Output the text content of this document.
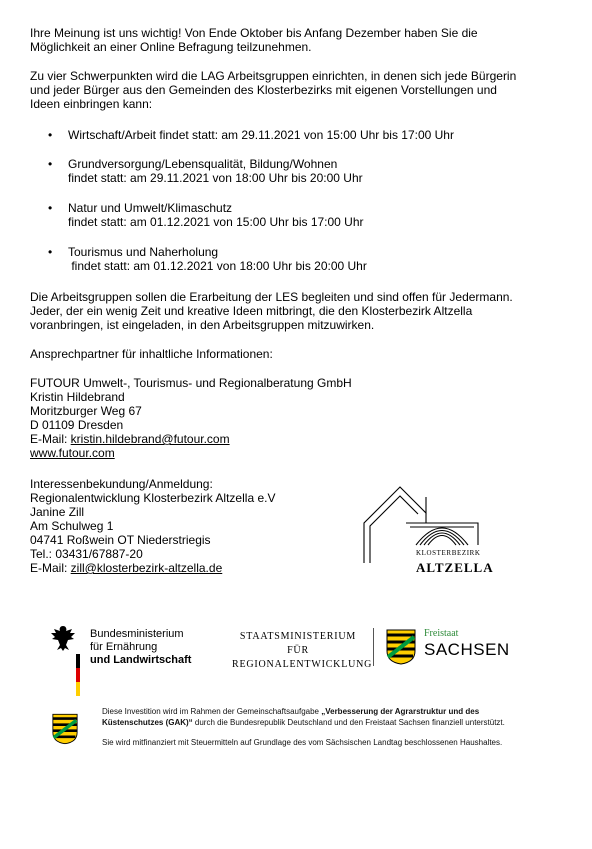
Ihre Meinung ist uns wichtig! Von Ende Oktober bis Anfang Dezember haben Sie die

Möglichkeit an einer Online Befragung teilzunehmen.

Zu vier Schwerpunkten wird die LAG Arbeitsgruppen einrichten, in denen sich jede Bürgerin

und jeder Bürger aus den Gemeinden des Klosterbezirks mit eigenen Vorstellungen und

Ideen einbringen kann:

• Wirtschaft/Arbeit findet statt: am 29.11.2021 von 15:00 Uhr bis 17:00 Uhr
• Grundversorgung/Lebensqualität, Bildung/Wohnen
findet statt: am 29.11.2021 von 18:00 Uhr bis 20:00 Uhr
• Natur und Umwelt/Klimaschutz
findet statt: am 01.12.2021 von 15:00 Uhr bis 17:00 Uhr
• Tourismus und Naherholung
findet statt: am 01.12.2021 von 18:00 Uhr bis 20:00 Uhr

Die Arbeitsgruppen sollen die Erarbeitung der LES begleiten und sind offen für Jedermann.

Jeder, der ein wenig Zeit und kreative Ideen mitbringt, die den Klosterbezirk Altzella

voranbringen, ist eingeladen, in den Arbeitsgruppen mitzuwirken.

Ansprechpartner für inhaltliche Informationen:

FUTOUR Umwelt-, Tourismus- und Regionalberatung GmbH

Kristin Hildebrand

Moritzburger Weg 67

D 01109 Dresden

E-Mail: kristin.hildebrand@futour.com

www.futour.com

Interessenbekundung/Anmeldung:

Regionalentwicklung Klosterbezirk Altzella e.V

Janine Zill

Am Schulweg 1

04741 Roßwein OT Niederstriegis

Tel.: 03431/67887-20

E-Mail: zill@klosterbezirk-altzella.de

KLOSTERBEZIRK
ALTZELLA

Bundesministerium

für Ernährung

und Landwirtschaft

STAATSMINISTERIUM FÜR

REGIONALENTWICKLUNG

Freistaat
SACHSEN

Diese Investition wird im Rahmen der Gemeinschaftsaufgabe „Verbesserung der Agrarstruktur und des Küstenschutzes (GAK)“ durch die Bundesrepublik Deutschland und den Freistaat Sachsen finanziell unterstützt.

Sie wird mitfinanziert mit Steuermitteln auf Grundlage des vom Sächsischen Landtag beschlossenen Haushaltes.
